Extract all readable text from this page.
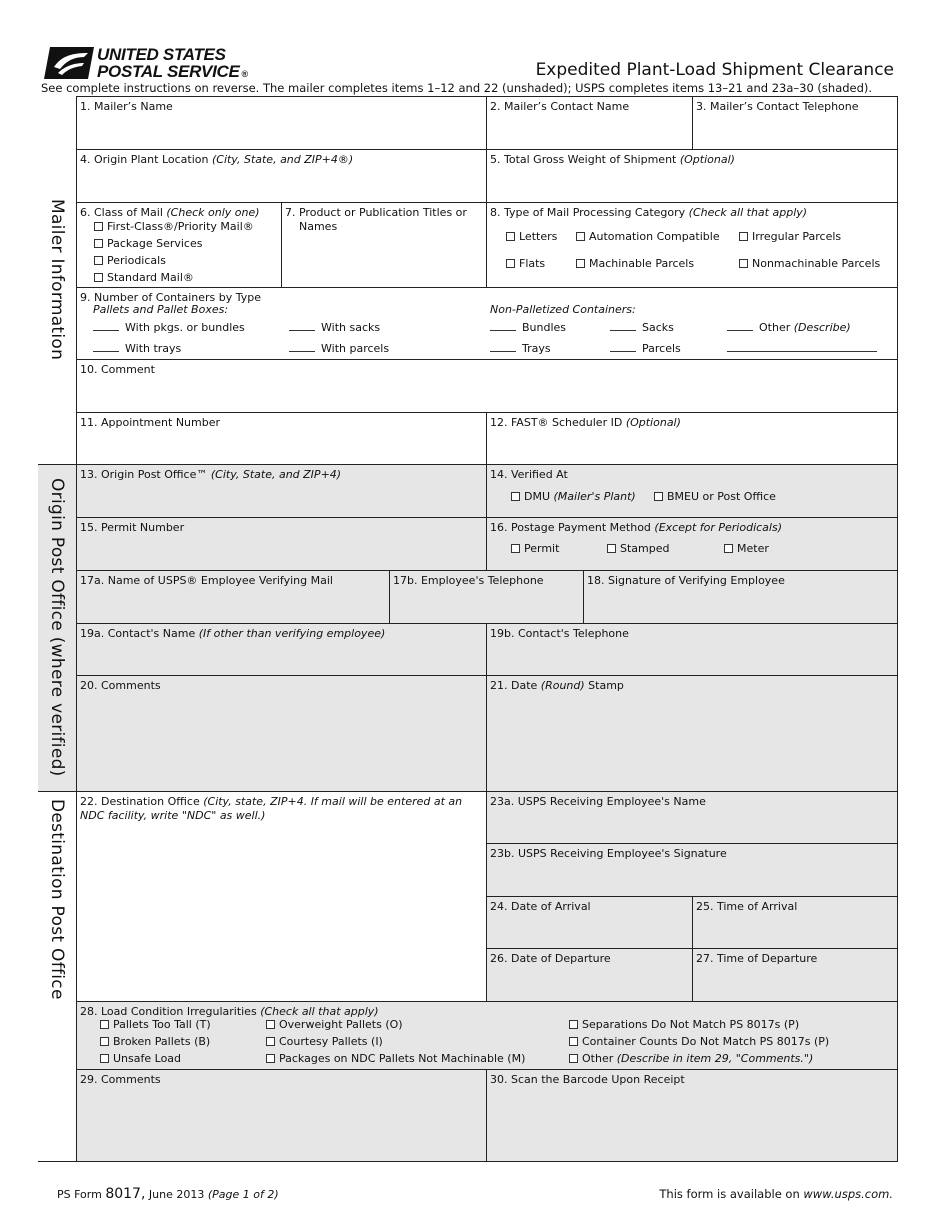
UNITED STATES
POSTAL SERVICE ®	Expedited Plant-Load Shipment Clearance
See complete instructions on reverse. The mailer completes items 1–12 and 22 (unshaded); USPS completes items 13–21 and 23a–30 (shaded).
Mailer Information
Origin Post Office (where verified)
Destination Post Office
1. Mailer’s Name	2. Mailer’s Contact Name	3. Mailer’s Contact Telephone
4. Origin Plant Location (City, State, and ZIP+4®)	5. Total Gross Weight of Shipment (Optional)
6. Class of Mail (Check only one)
First-Class®/Priority Mail®
Package Services
Periodicals
Standard Mail®
7. Product or Publication Titles or
Names
8. Type of Mail Processing Category (Check all that apply)
Letters	Automation Compatible	Irregular Parcels
Flats	Machinable Parcels	Nonmachinable Parcels
9. Number of Containers by Type
Pallets and Pallet Boxes:	Non-Palletized Containers:
With pkgs. or bundles	With sacks	Bundles	Sacks	Other (Describe)
With trays	With parcels	Trays	Parcels
10. Comment
11. Appointment Number	12. FAST® Scheduler ID (Optional)
13. Origin Post Office™ (City, State, and ZIP+4)	14. Verified At
DMU (Mailer's Plant)	BMEU or Post Office
15. Permit Number	16. Postage Payment Method (Except for Periodicals)
Permit	Stamped	Meter
17a. Name of USPS® Employee Verifying Mail	17b. Employee's Telephone	18. Signature of Verifying Employee
19a. Contact's Name (If other than verifying employee)	19b. Contact's Telephone
20. Comments	21. Date (Round) Stamp
22. Destination Office (City, state, ZIP+4. If mail will be entered at an
NDC facility, write "NDC" as well.)
23a. USPS Receiving Employee's Name
23b. USPS Receiving Employee's Signature
24. Date of Arrival	25. Time of Arrival
26. Date of Departure	27. Time of Departure
28. Load Condition Irregularities (Check all that apply)
Pallets Too Tall (T)	Overweight Pallets (O)	Separations Do Not Match PS 8017s (P)
Broken Pallets (B)	Courtesy Pallets (I)	Container Counts Do Not Match PS 8017s (P)
Unsafe Load	Packages on NDC Pallets Not Machinable (M)	Other (Describe in item 29, "Comments.")
29. Comments	30. Scan the Barcode Upon Receipt
PS Form 8017, June 2013 (Page 1 of 2)	This form is available on www.usps.com.
